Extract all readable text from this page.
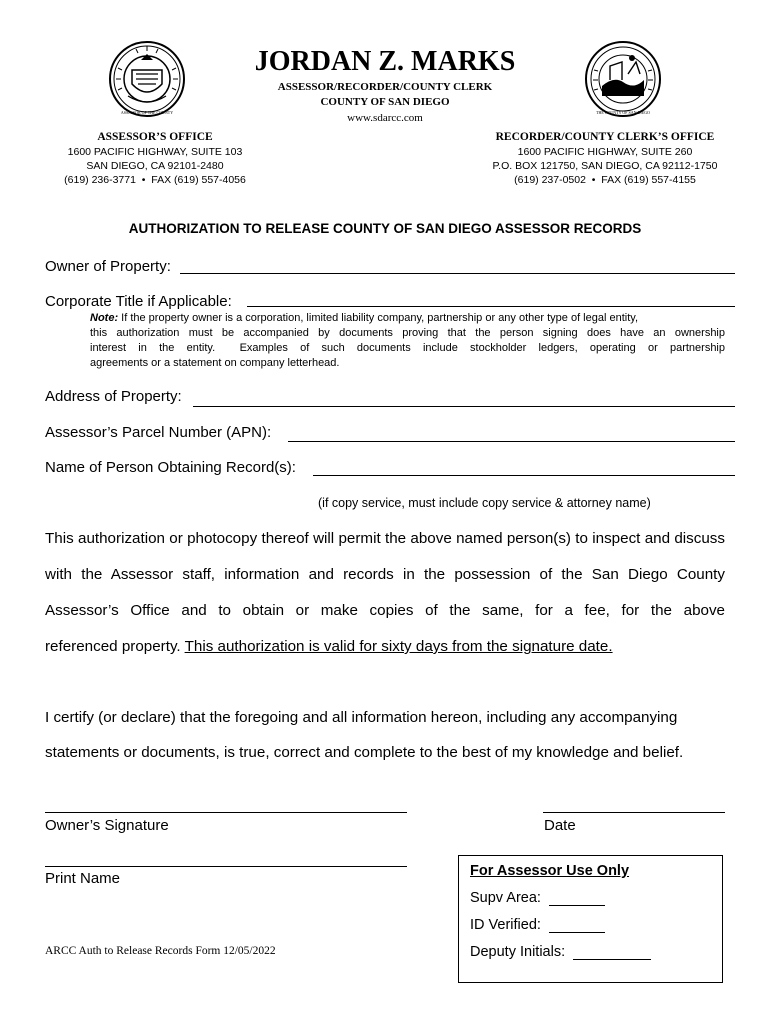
ASSESSOR OF THE COUNTY	THE COUNTY OF SAN DIEGO
JORDAN Z. MARKS
ASSESSOR/RECORDER/COUNTY CLERK
COUNTY OF SAN DIEGO
www.sdarcc.com
ASSESSOR’S OFFICE
1600 PACIFIC HIGHWAY, SUITE 103
SAN DIEGO, CA 92101-2480
(619) 236-3771  •  FAX (619) 557-4056
RECORDER/COUNTY CLERK’S OFFICE
1600 PACIFIC HIGHWAY, SUITE 260
P.O. BOX 121750, SAN DIEGO, CA 92112-1750
(619) 237-0502  •  FAX (619) 557-4155
AUTHORIZATION TO RELEASE COUNTY OF SAN DIEGO ASSESSOR RECORDS
Owner of Property:
Corporate Title if Applicable:
Note: If the property owner is a corporation, limited liability company, partnership or any other type of legal entity,
this authorization must be accompanied by documents proving that the person signing does have an ownership
interest in the entity.  Examples of such documents include stockholder ledgers, operating or partnership
agreements or a statement on company letterhead.
Address of Property:
Assessor’s Parcel Number (APN):
Name of Person Obtaining Record(s):
(if copy service, must include copy service & attorney name)
This authorization or photocopy thereof will permit the above named person(s) to inspect and discuss
with the Assessor staff, information and records in the possession of the San Diego County
Assessor’s Office and to obtain or make copies of the same, for a fee, for the above
referenced property. This authorization is valid for sixty days from the signature date.
I certify (or declare) that the foregoing and all information hereon, including any accompanying
statements or documents, is true, correct and complete to the best of my knowledge and belief.
Owner’s Signature	Date
Print Name
ARCC Auth to Release Records Form 12/05/2022
For Assessor Use Only
Supv Area:
ID Verified:
Deputy Initials:
